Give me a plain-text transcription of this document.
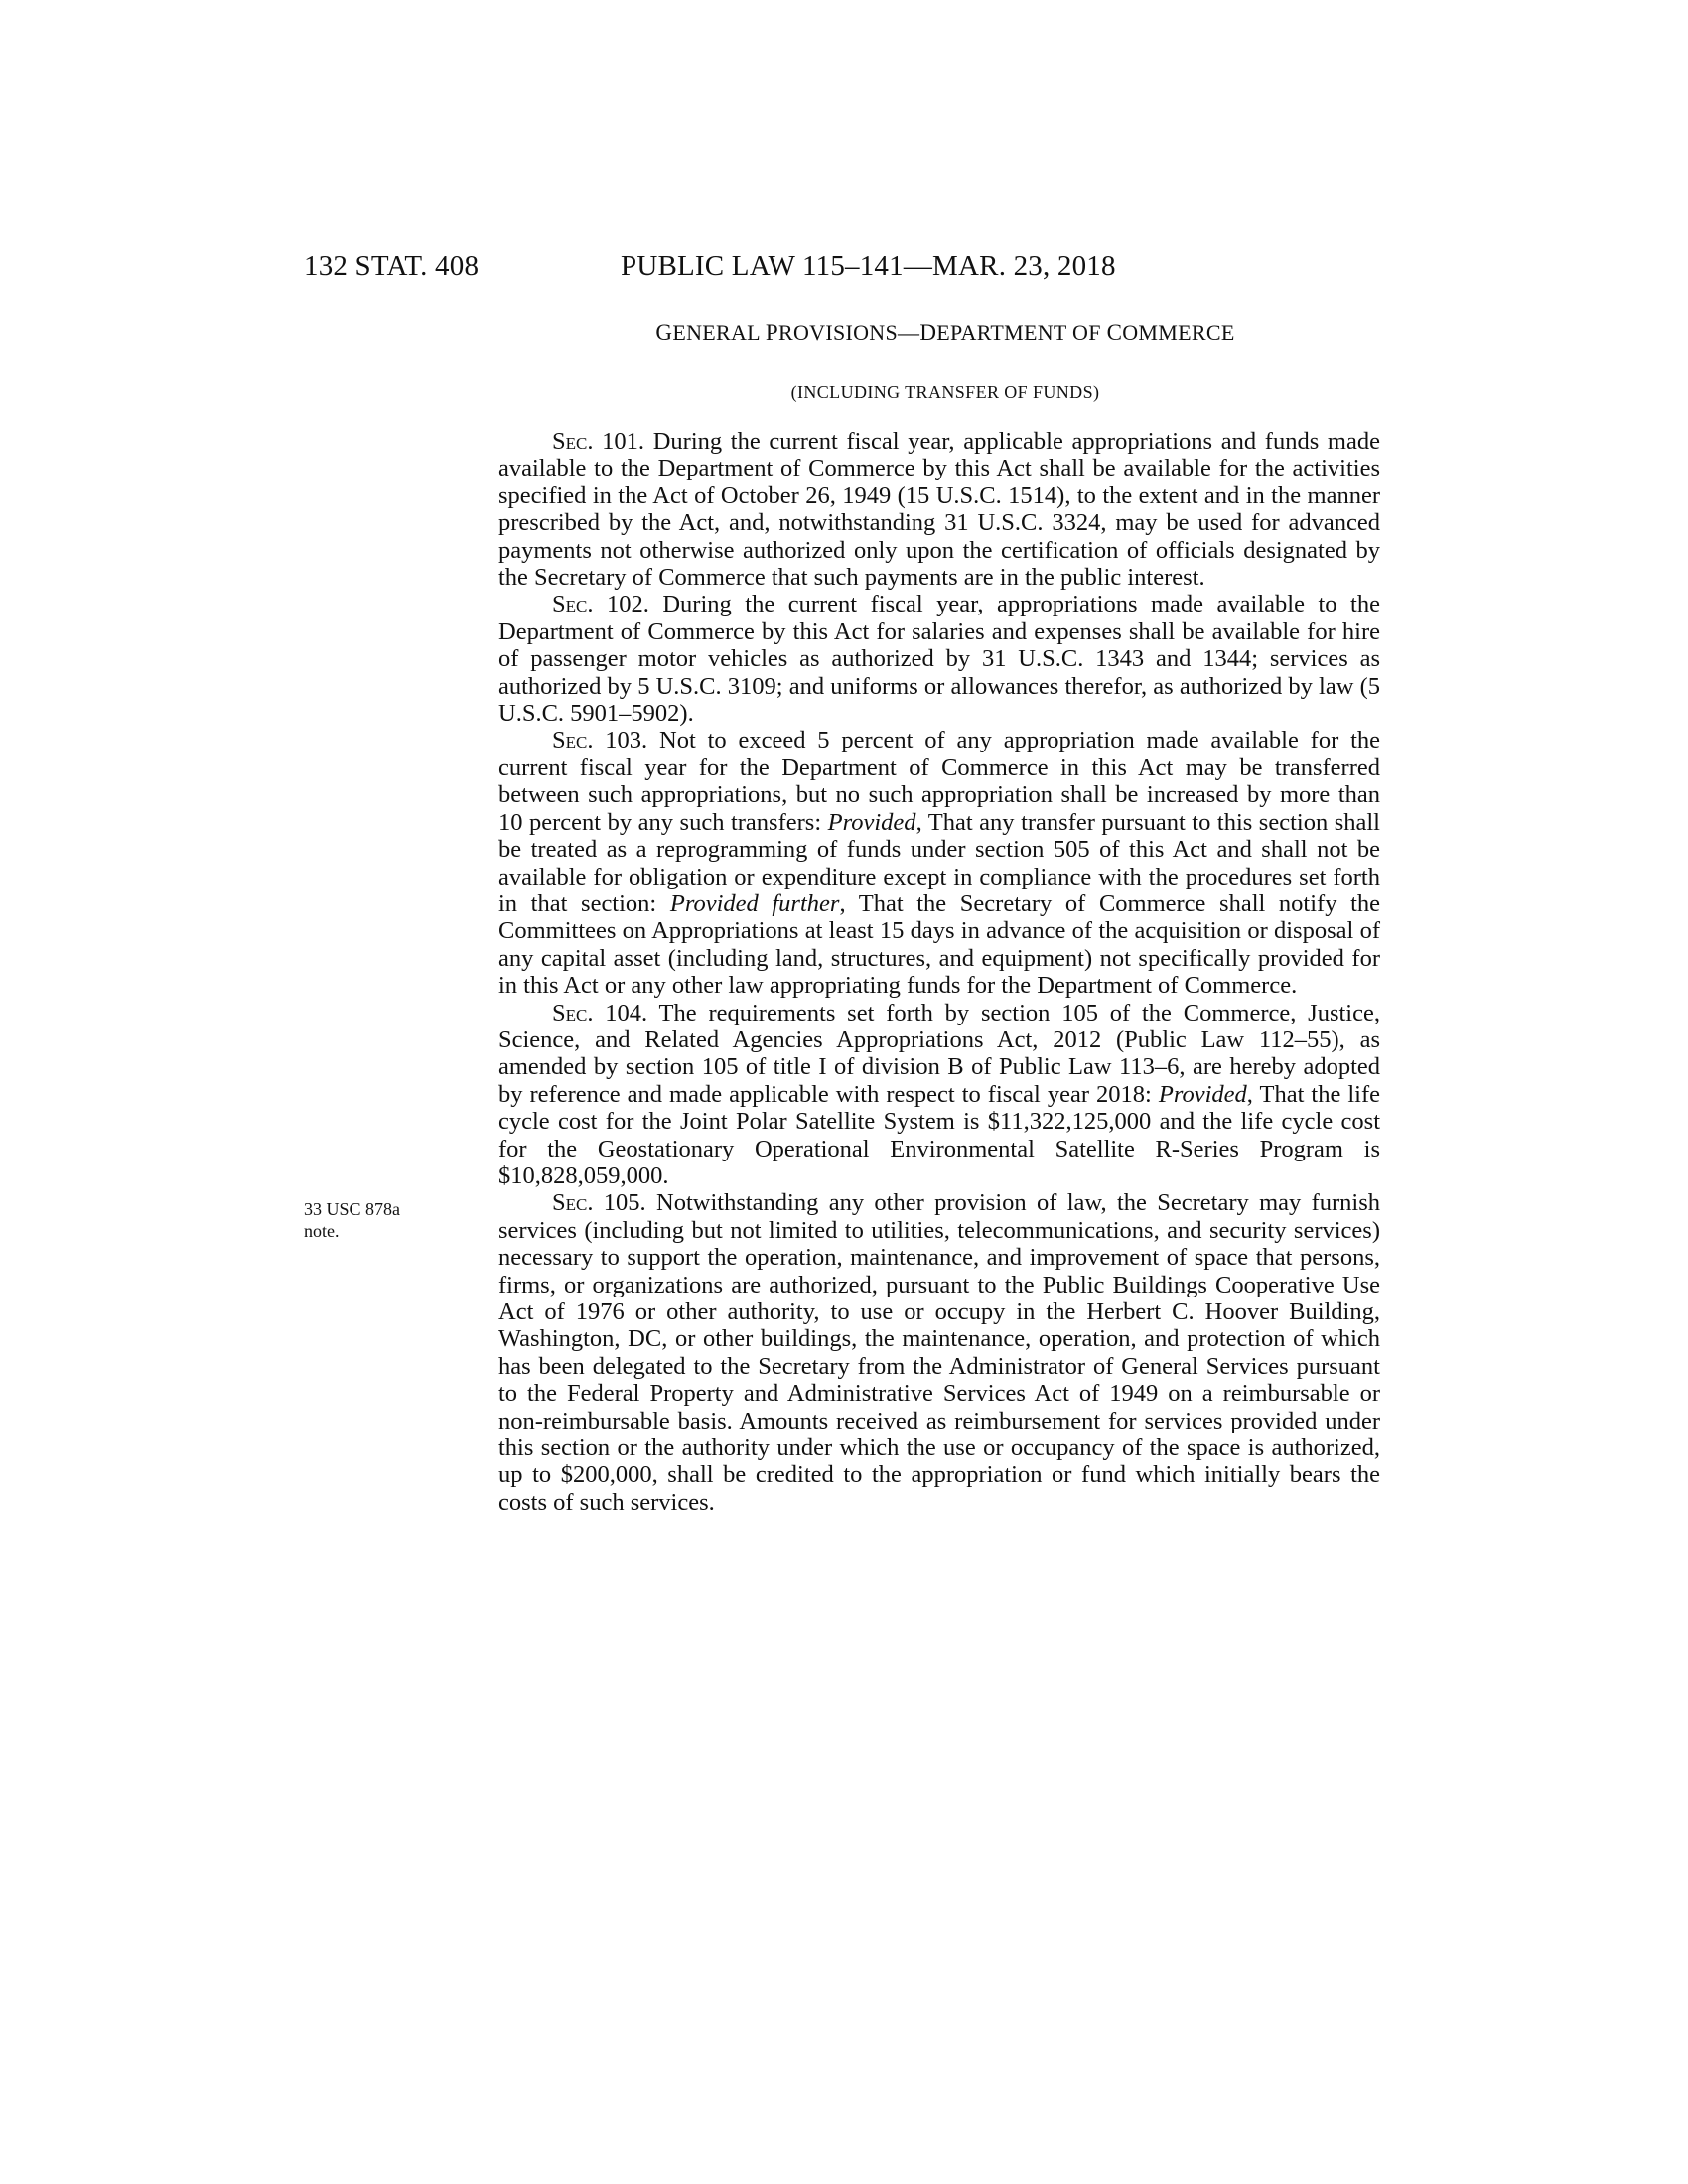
132 STAT. 408	PUBLIC LAW 115–141—MAR. 23, 2018
GENERAL PROVISIONS—DEPARTMENT OF COMMERCE
(INCLUDING TRANSFER OF FUNDS)
33 USC 878a
note.

Sec. 101. During the current fiscal year, applicable appropriations and funds made available to the Department of Commerce by this Act shall be available for the activities specified in the Act of October 26, 1949 (15 U.S.C. 1514), to the extent and in the manner prescribed by the Act, and, notwithstanding 31 U.S.C. 3324, may be used for advanced payments not otherwise authorized only upon the certification of officials designated by the Secretary of Commerce that such payments are in the public interest.

Sec. 102. During the current fiscal year, appropriations made available to the Department of Commerce by this Act for salaries and expenses shall be available for hire of passenger motor vehicles as authorized by 31 U.S.C. 1343 and 1344; services as authorized by 5 U.S.C. 3109; and uniforms or allowances therefor, as authorized by law (5 U.S.C. 5901–5902).

Sec. 103. Not to exceed 5 percent of any appropriation made available for the current fiscal year for the Department of Commerce in this Act may be transferred between such appropriations, but no such appropriation shall be increased by more than 10 percent by any such transfers: Provided, That any transfer pursuant to this section shall be treated as a reprogramming of funds under section 505 of this Act and shall not be available for obligation or expenditure except in compliance with the procedures set forth in that section: Provided further, That the Secretary of Commerce shall notify the Committees on Appropriations at least 15 days in advance of the acquisition or disposal of any capital asset (including land, structures, and equipment) not specifically provided for in this Act or any other law appropriating funds for the Department of Commerce.

Sec. 104. The requirements set forth by section 105 of the Commerce, Justice, Science, and Related Agencies Appropriations Act, 2012 (Public Law 112–55), as amended by section 105 of title I of division B of Public Law 113–6, are hereby adopted by reference and made applicable with respect to fiscal year 2018: Provided, That the life cycle cost for the Joint Polar Satellite System is $11,322,125,000 and the life cycle cost for the Geostationary Operational Environmental Satellite R-Series Program is $10,828,059,000.

Sec. 105. Notwithstanding any other provision of law, the Secretary may furnish services (including but not limited to utilities, telecommunications, and security services) necessary to support the operation, maintenance, and improvement of space that persons, firms, or organizations are authorized, pursuant to the Public Buildings Cooperative Use Act of 1976 or other authority, to use or occupy in the Herbert C. Hoover Building, Washington, DC, or other buildings, the maintenance, operation, and protection of which has been delegated to the Secretary from the Administrator of General Services pursuant to the Federal Property and Administrative Services Act of 1949 on a reimbursable or non-reimbursable basis. Amounts received as reimbursement for services provided under this section or the authority under which the use or occupancy of the space is authorized, up to $200,000, shall be credited to the appropriation or fund which initially bears the costs of such services.
